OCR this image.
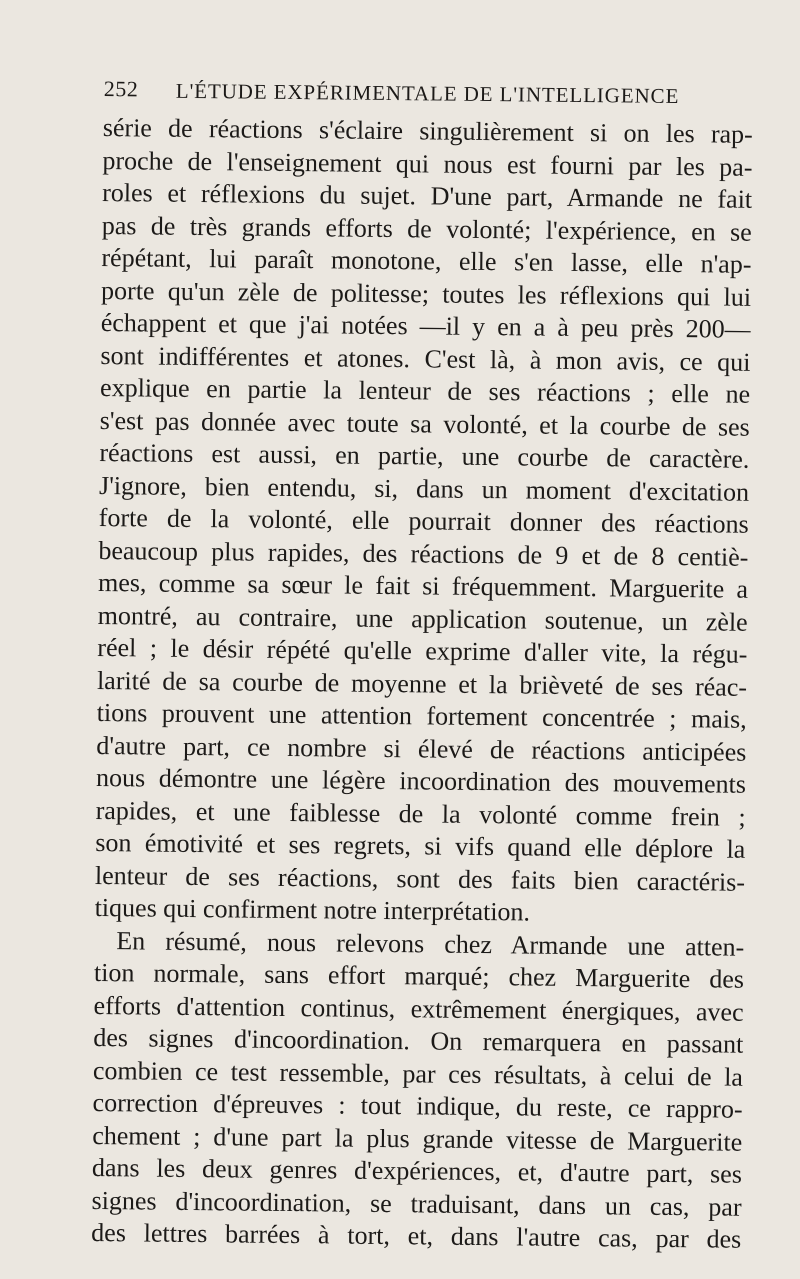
252 L'ÉTUDE EXPÉRIMENTALE DE L'INTELLIGENCE
série de réactions s'éclaire singulièrement si on les rap-
proche de l'enseignement qui nous est fourni par les pa-
roles et réflexions du sujet. D'une part, Armande ne fait
pas de très grands efforts de volonté; l'expérience, en se
répétant, lui paraît monotone, elle s'en lasse, elle n'ap-
porte qu'un zèle de politesse; toutes les réflexions qui lui
échappent et que j'ai notées —il y en a à peu près 200—
sont indifférentes et atones. C'est là, à mon avis, ce qui
explique en partie la lenteur de ses réactions ; elle ne
s'est pas donnée avec toute sa volonté, et la courbe de ses
réactions est aussi, en partie, une courbe de caractère.
J'ignore, bien entendu, si, dans un moment d'excitation
forte de la volonté, elle pourrait donner des réactions
beaucoup plus rapides, des réactions de 9 et de 8 centiè-
mes, comme sa sœur le fait si fréquemment. Marguerite a
montré, au contraire, une application soutenue, un zèle
réel ; le désir répété qu'elle exprime d'aller vite, la régu-
larité de sa courbe de moyenne et la brièveté de ses réac-
tions prouvent une attention fortement concentrée ; mais,
d'autre part, ce nombre si élevé de réactions anticipées
nous démontre une légère incoordination des mouvements
rapides, et une faiblesse de la volonté comme frein ;
son émotivité et ses regrets, si vifs quand elle déplore la
lenteur de ses réactions, sont des faits bien caractéris-
tiques qui confirment notre interprétation.
En résumé, nous relevons chez Armande une atten-
tion normale, sans effort marqué; chez Marguerite des
efforts d'attention continus, extrêmement énergiques, avec
des signes d'incoordination. On remarquera en passant
combien ce test ressemble, par ces résultats, à celui de la
correction d'épreuves : tout indique, du reste, ce rappro-
chement ; d'une part la plus grande vitesse de Marguerite
dans les deux genres d'expériences, et, d'autre part, ses
signes d'incoordination, se traduisant, dans un cas, par
des lettres barrées à tort, et, dans l'autre cas, par des
